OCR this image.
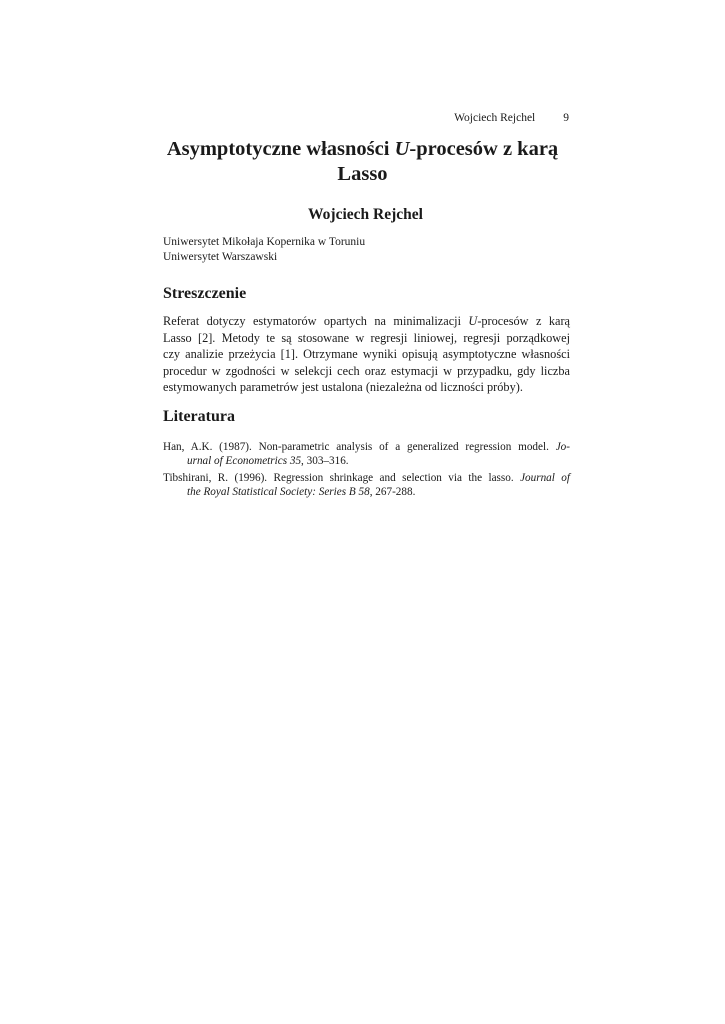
Wojciech Rejchel 9
Asymptotyczne własności U-procesów z karą
Lasso
Wojciech Rejchel
Uniwersytet Mikołaja Kopernika w Toruniu
Uniwersytet Warszawski
Streszczenie
Referat dotyczy estymatorów opartych na minimalizacji U-procesów z karą
Lasso [2]. Metody te są stosowane w regresji liniowej, regresji porządkowej
czy analizie przeżycia [1]. Otrzymane wyniki opisują asymptotyczne własności
procedur w zgodności w selekcji cech oraz estymacji w przypadku, gdy liczba
estymowanych parametrów jest ustalona (niezależna od liczności próby).
Literatura
Han, A.K. (1987). Non-parametric analysis of a generalized regression model. Jo-
urnal of Econometrics 35, 303–316.
Tibshirani, R. (1996). Regression shrinkage and selection via the lasso. Journal of
the Royal Statistical Society: Series B 58, 267-288.
